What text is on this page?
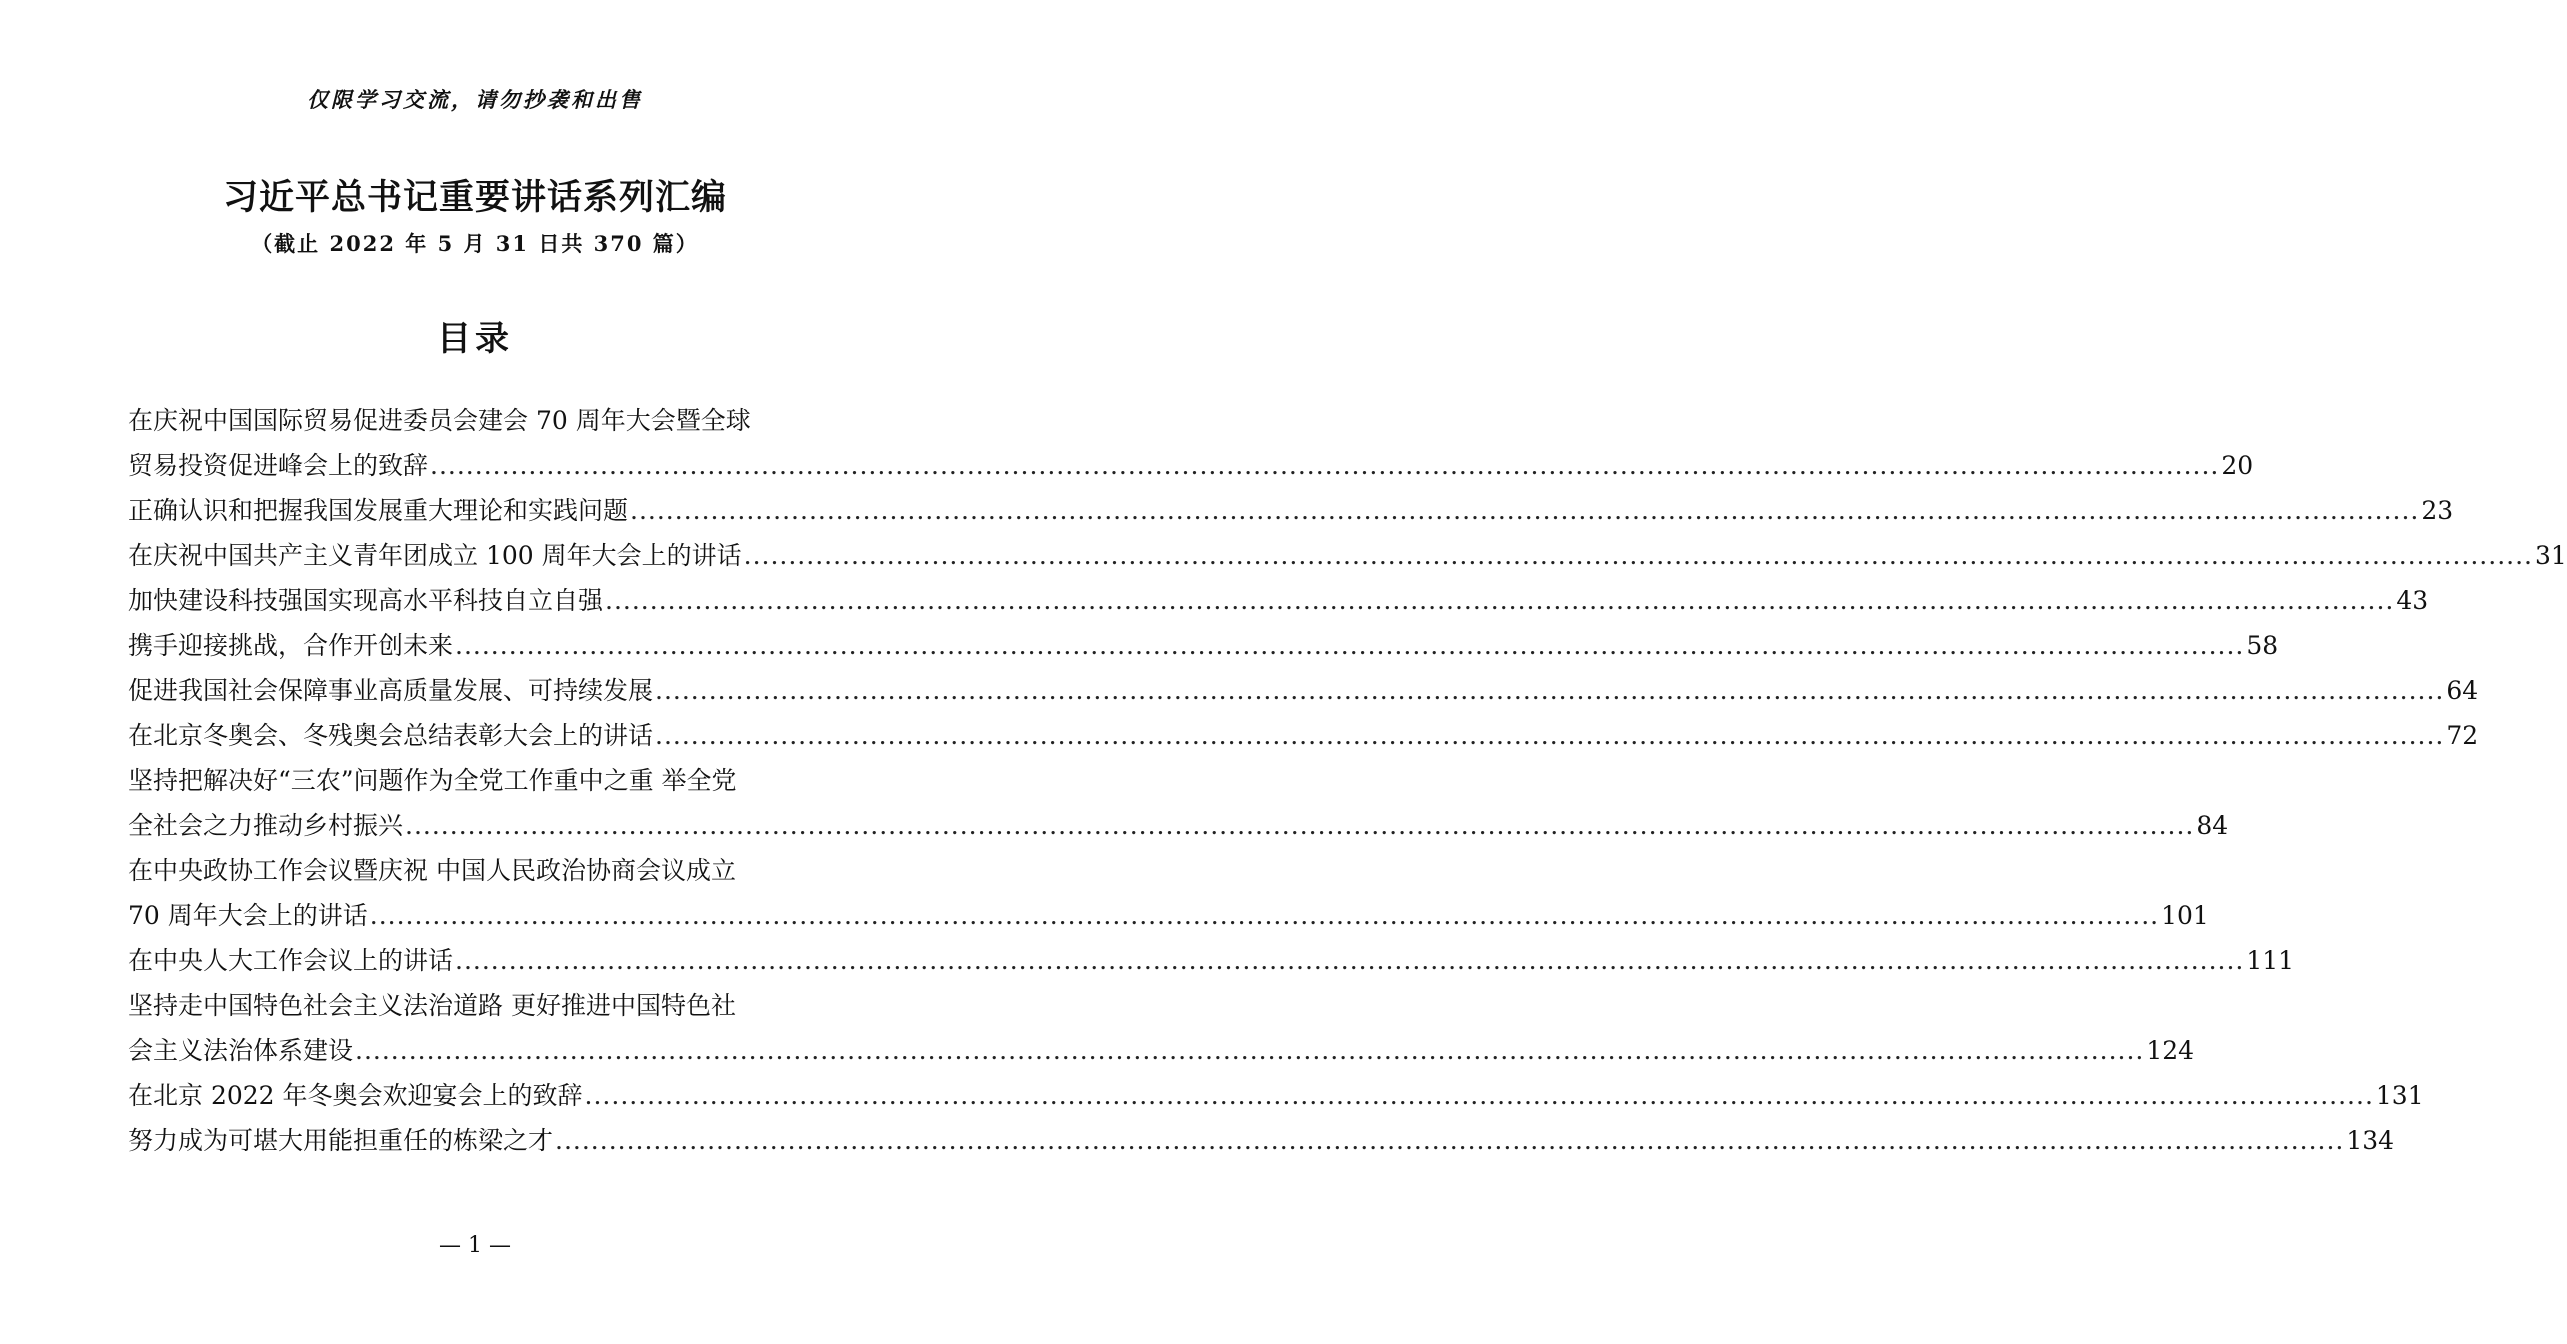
仅限学习交流，请勿抄袭和出售
习近平总书记重要讲话系列汇编
（截止 2022 年 5 月 31 日共 370 篇）
目录
在庆祝中国国际贸易促进委员会建会 70 周年大会暨全球
贸易投资促进峰会上的致辞 ........................................................................................................................................................................................................ 20
正确认识和把握我国发展重大理论和实践问题 ........................................................................................................................................................................................................ 23
在庆祝中国共产主义青年团成立 100 周年大会上的讲话 ........................................................................................................................................................................................................ 31
加快建设科技强国实现高水平科技自立自强 ........................................................................................................................................................................................................ 43
携手迎接挑战，合作开创未来 ........................................................................................................................................................................................................ 58
促进我国社会保障事业高质量发展、可持续发展 ........................................................................................................................................................................................................ 64
在北京冬奥会、冬残奥会总结表彰大会上的讲话 ........................................................................................................................................................................................................ 72
坚持把解决好“三农”问题作为全党工作重中之重 举全党
全社会之力推动乡村振兴 ........................................................................................................................................................................................................ 84
在中央政协工作会议暨庆祝 中国人民政治协商会议成立
70 周年大会上的讲话 ........................................................................................................................................................................................................ 101
在中央人大工作会议上的讲话 ........................................................................................................................................................................................................ 111
坚持走中国特色社会主义法治道路 更好推进中国特色社
会主义法治体系建设 ........................................................................................................................................................................................................ 124
在北京 2022 年冬奥会欢迎宴会上的致辞 ........................................................................................................................................................................................................ 131
努力成为可堪大用能担重任的栋梁之才 ........................................................................................................................................................................................................ 134
— 1 —
